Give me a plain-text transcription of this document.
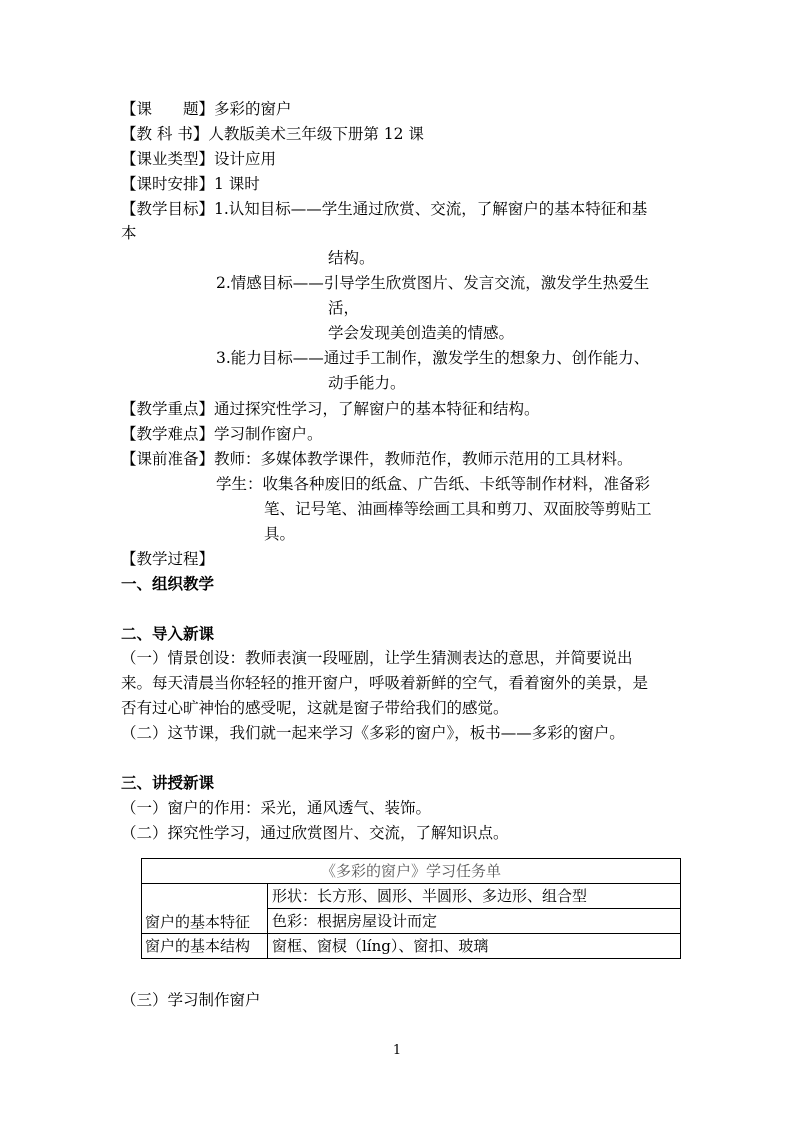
【课　　题】多彩的窗户
【教 科 书】人教版美术三年级下册第 12 课
【课业类型】设计应用
【课时安排】1 课时
【教学目标】1.认知目标——学生通过欣赏、交流，了解窗户的基本特征和基
本
结构。
2.情感目标——引导学生欣赏图片、发言交流，激发学生热爱生
活，
学会发现美创造美的情感。
3.能力目标——通过手工制作，激发学生的想象力、创作能力、
动手能力。
【教学重点】通过探究性学习，了解窗户的基本特征和结构。
【教学难点】学习制作窗户。
【课前准备】教师：多媒体教学课件，教师范作，教师示范用的工具材料。
学生：收集各种废旧的纸盒、广告纸、卡纸等制作材料，准备彩
笔、记号笔、油画棒等绘画工具和剪刀、双面胶等剪贴工
具。
【教学过程】
一、组织教学
二、导入新课
（一）情景创设：教师表演一段哑剧，让学生猜测表达的意思，并简要说出
来。每天清晨当你轻轻的推开窗户，呼吸着新鲜的空气，看着窗外的美景，是
否有过心旷神怡的感受呢，这就是窗子带给我们的感觉。
（二）这节课，我们就一起来学习《多彩的窗户》，板书——多彩的窗户。
三、讲授新课
（一）窗户的作用：采光，通风透气、装饰。
（二）探究性学习，通过欣赏图片、交流，了解知识点。
《多彩的窗户》学习任务单	
窗户的基本特征	形状：长方形、圆形、半圆形、多边形、组合型
	色彩：根据房屋设计而定
窗户的基本结构	窗框、窗棂（líng）、窗扣、玻璃
（三）学习制作窗户
1
